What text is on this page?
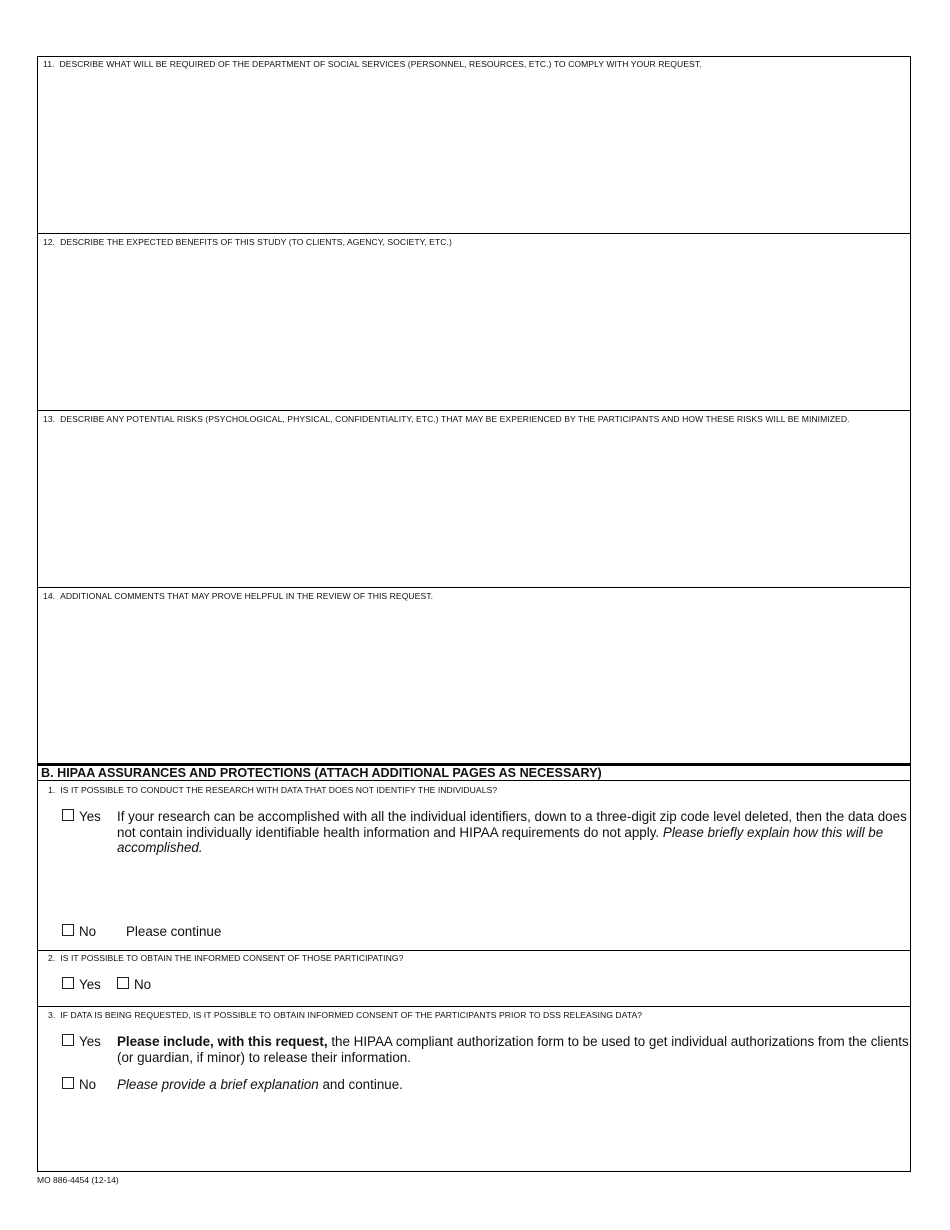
11. DESCRIBE WHAT WILL BE REQUIRED OF THE DEPARTMENT OF SOCIAL SERVICES (PERSONNEL, RESOURCES, ETC.) TO COMPLY WITH YOUR REQUEST.
12. DESCRIBE THE EXPECTED BENEFITS OF THIS STUDY (TO CLIENTS, AGENCY, SOCIETY, ETC.)
13. DESCRIBE ANY POTENTIAL RISKS (PSYCHOLOGICAL, PHYSICAL, CONFIDENTIALITY, ETC.) THAT MAY BE EXPERIENCED BY THE PARTICIPANTS AND HOW THESE RISKS WILL BE MINIMIZED.
14. ADDITIONAL COMMENTS THAT MAY PROVE HELPFUL IN THE REVIEW OF THIS REQUEST.
B. HIPAA ASSURANCES AND PROTECTIONS (ATTACH ADDITIONAL PAGES AS NECESSARY)
1. IS IT POSSIBLE TO CONDUCT THE RESEARCH WITH DATA THAT DOES NOT IDENTIFY THE INDIVIDUALS?
Yes If your research can be accomplished with all the individual identifiers, down to a three-digit zip code level deleted, then the data does not contain individually identifiable health information and HIPAA requirements do not apply. Please briefly explain how this will be accomplished.
No Please continue
2. IS IT POSSIBLE TO OBTAIN THE INFORMED CONSENT OF THOSE PARTICIPATING?
Yes No
3. IF DATA IS BEING REQUESTED, IS IT POSSIBLE TO OBTAIN INFORMED CONSENT OF THE PARTICIPANTS PRIOR TO DSS RELEASING DATA?
Yes Please include, with this request, the HIPAA compliant authorization form to be used to get individual authorizations from the clients (or guardian, if minor) to release their information.
No Please provide a brief explanation and continue.
MO 886-4454 (12-14)
